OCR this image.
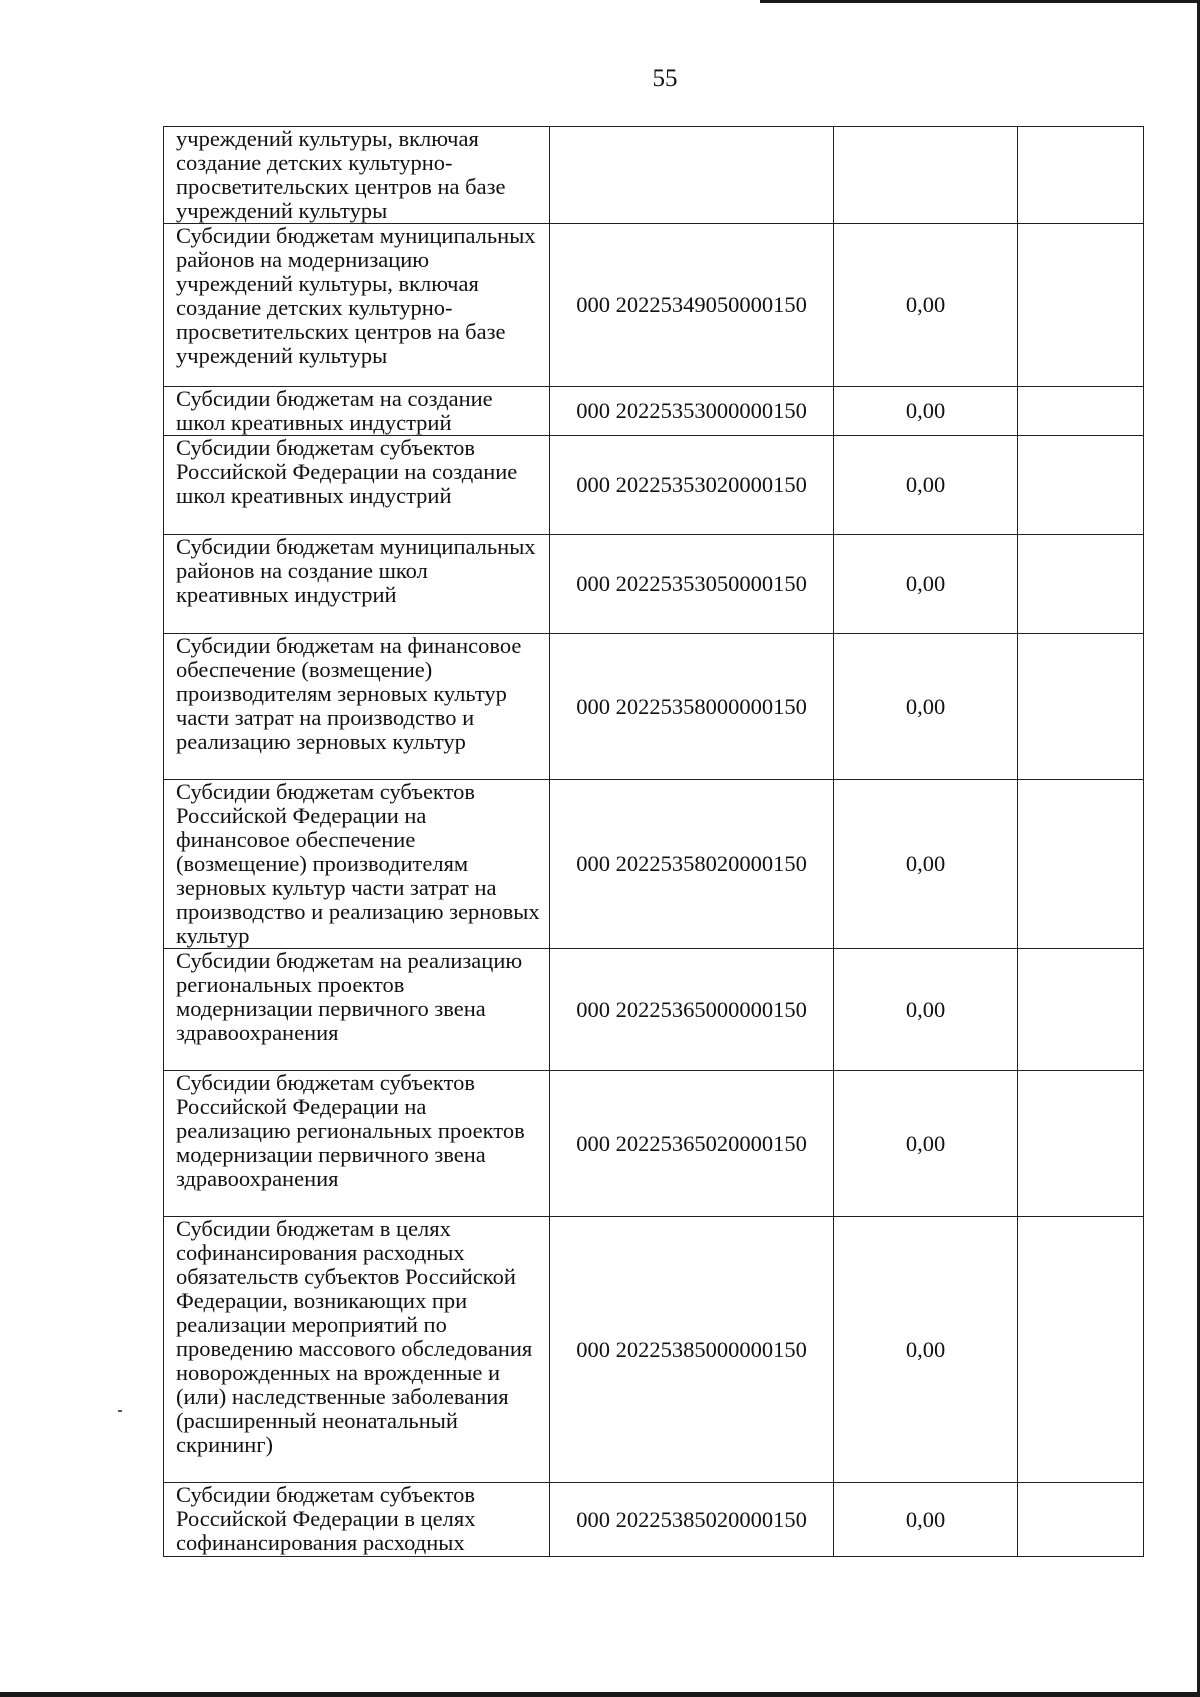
55
учреждений культуры, включая создание детских культурно-просветительских центров на базе учреждений культуры			
Субсидии бюджетам муниципальных районов на модернизацию учреждений культуры, включая создание детских культурно-просветительских центров на базе учреждений культуры	000 20225349050000150	0,00	
Субсидии бюджетам на создание школ креативных индустрий	000 20225353000000150	0,00	
Субсидии бюджетам субъектов Российской Федерации на создание школ креативных индустрий	000 20225353020000150	0,00	
Субсидии бюджетам муниципальных районов на создание школ креативных индустрий	000 20225353050000150	0,00	
Субсидии бюджетам на финансовое обеспечение (возмещение) производителям зерновых культур части затрат на производство и реализацию зерновых культур	000 20225358000000150	0,00	
Субсидии бюджетам субъектов Российской Федерации на финансовое обеспечение (возмещение) производителям зерновых культур части затрат на производство и реализацию зерновых культур	000 20225358020000150	0,00	
Субсидии бюджетам на реализацию региональных проектов модернизации первичного звена здравоохранения	000 20225365000000150	0,00	
Субсидии бюджетам субъектов Российской Федерации на реализацию региональных проектов модернизации первичного звена здравоохранения	000 20225365020000150	0,00	
Субсидии бюджетам в целях софинансирования расходных обязательств субъектов Российской Федерации, возникающих при реализации мероприятий по проведению массового обследования новорожденных на врожденные и (или) наследственные заболевания (расширенный неонатальный скрининг)	000 20225385000000150	0,00	
Субсидии бюджетам субъектов Российской Федерации в целях софинансирования расходных	000 20225385020000150	0,00	
